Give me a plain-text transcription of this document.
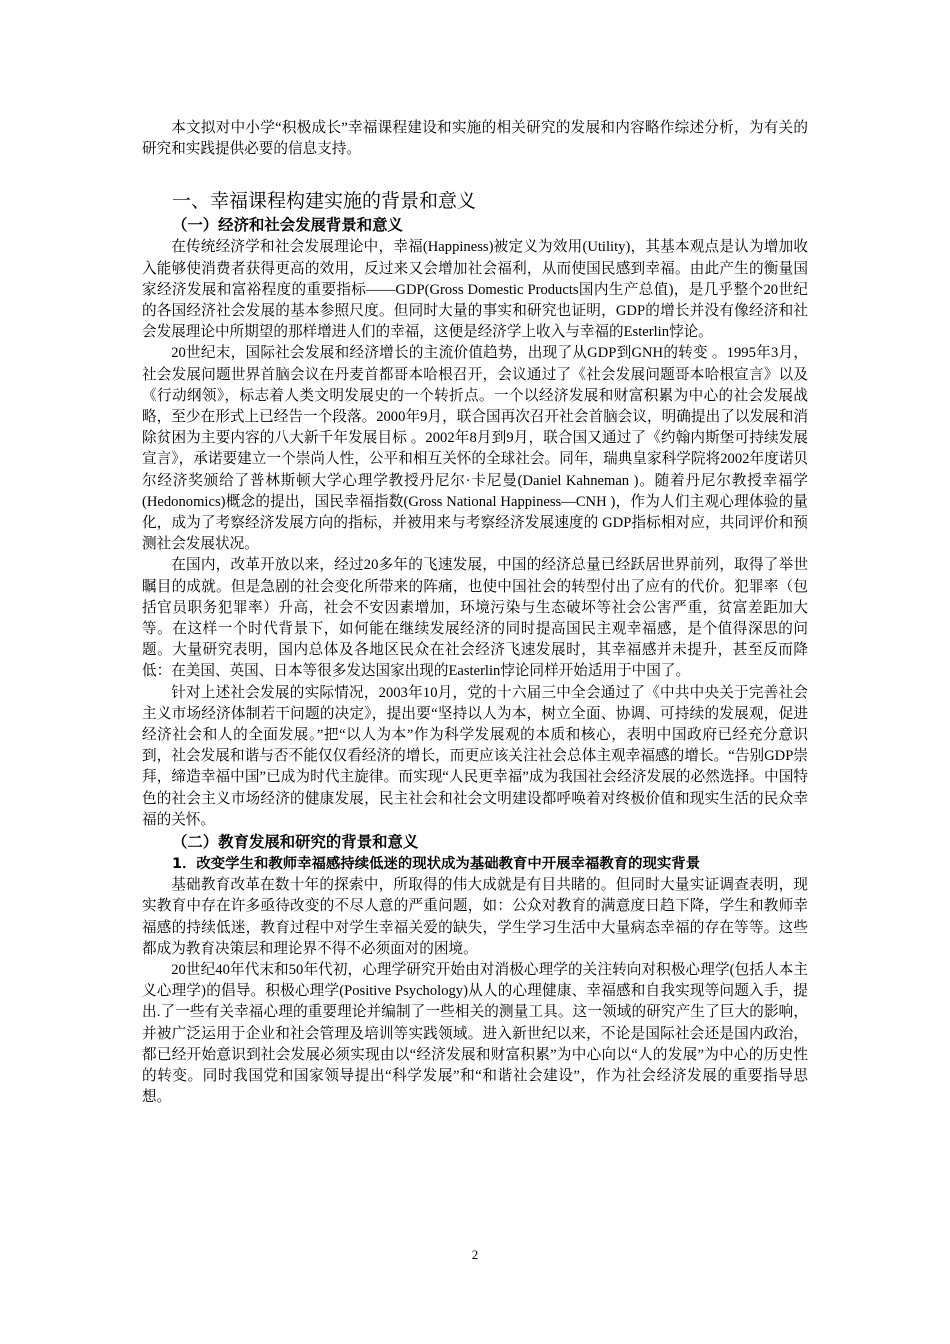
本文拟对中小学“积极成长”幸福课程建设和实施的相关研究的发展和内容略作综述分析，为有关的研究和实践提供必要的信息支持。

一、幸福课程构建实施的背景和意义
（一）经济和社会发展背景和意义

在传统经济学和社会发展理论中，幸福(Happiness)被定义为效用(Utility)，其基本观点是认为增加收入能够使消费者获得更高的效用，反过来又会增加社会福利，从而使国民感到幸福。由此产生的衡量国家经济发展和富裕程度的重要指标——GDP(Gross Domestic Products国内生产总值)，是几乎整个20世纪的各国经济社会发展的基本参照尺度。但同时大量的事实和研究也证明，GDP的增长并没有像经济和社会发展理论中所期望的那样增进人们的幸福，这便是经济学上收入与幸福的Esterlin悖论。

20世纪末，国际社会发展和经济增长的主流价值趋势，出现了从GDP到GNH的转变 。1995年3月，社会发展问题世界首脑会议在丹麦首都哥本哈根召开，会议通过了《社会发展问题哥本哈根宣言》以及《行动纲领》，标志着人类文明发展史的一个转折点。一个以经济发展和财富积累为中心的社会发展战略，至少在形式上已经告一个段落。2000年9月，联合国再次召开社会首脑会议，明确提出了以发展和消除贫困为主要内容的八大新千年发展目标 。2002年8月到9月，联合国又通过了《约翰内斯堡可持续发展宣言》，承诺要建立一个崇尚人性，公平和相互关怀的全球社会。同年，瑞典皇家科学院将2002年度诺贝尔经济奖颁给了普林斯顿大学心理学教授丹尼尔·卡尼曼(Daniel Kahneman )。随着丹尼尔教授幸福学(Hedonomics)概念的提出，国民幸福指数(Gross National Happiness—CNH )，作为人们主观心理体验的量化，成为了考察经济发展方向的指标，并被用来与考察经济发展速度的 GDP指标相对应，共同评价和预测社会发展状况。

在国内，改革开放以来，经过20多年的飞速发展，中国的经济总量已经跃居世界前列，取得了举世瞩目的成就。但是急剧的社会变化所带来的阵痛，也使中国社会的转型付出了应有的代价。犯罪率（包括官员职务犯罪率）升高，社会不安因素增加，环境污染与生态破坏等社会公害严重，贫富差距加大等。在这样一个时代背景下，如何能在继续发展经济的同时提高国民主观幸福感，是个值得深思的问题。大量研究表明，国内总体及各地区民众在社会经济飞速发展时，其幸福感并未提升，甚至反而降低：在美国、英国、日本等很多发达国家出现的Easterlin悖论同样开始适用于中国了。

针对上述社会发展的实际情况，2003年10月，党的十六届三中全会通过了《中共中央关于完善社会主义市场经济体制若干问题的决定》，提出要“坚持以人为本，树立全面、协调、可持续的发展观，促进经济社会和人的全面发展。”把“以人为本”作为科学发展观的本质和核心，表明中国政府已经充分意识到，社会发展和谐与否不能仅仅看经济的增长，而更应该关注社会总体主观幸福感的增长。“告别GDP崇拜，缔造幸福中国”已成为时代主旋律。而实现“人民更幸福”成为我国社会经济发展的必然选择。中国特色的社会主义市场经济的健康发展，民主社会和社会文明建设都呼唤着对终极价值和现实生活的民众幸福的关怀。

（二）教育发展和研究的背景和意义
1．改变学生和教师幸福感持续低迷的现状成为基础教育中开展幸福教育的现实背景

基础教育改革在数十年的探索中，所取得的伟大成就是有目共睹的。但同时大量实证调查表明，现实教育中存在许多亟待改变的不尽人意的严重问题，如：公众对教育的满意度日趋下降，学生和教师幸福感的持续低迷，教育过程中对学生幸福关爱的缺失，学生学习生活中大量病态幸福的存在等等。这些都成为教育决策层和理论界不得不必须面对的困境。

20世纪40年代末和50年代初，心理学研究开始由对消极心理学的关注转向对积极心理学(包括人本主义心理学)的倡导。积极心理学(Positive Psychology)从人的心理健康、幸福感和自我实现等问题入手，提出.了一些有关幸福心理的重要理论并编制了一些相关的测量工具。这一领域的研究产生了巨大的影响，并被广泛运用于企业和社会管理及培训等实践领域。进入新世纪以来，不论是国际社会还是国内政治，都已经开始意识到社会发展必须实现由以“经济发展和财富积累”为中心向以“人的发展”为中心的历史性的转变。同时我国党和国家领导提出“科学发展”和“和谐社会建设”，作为社会经济发展的重要指导思想。

2
